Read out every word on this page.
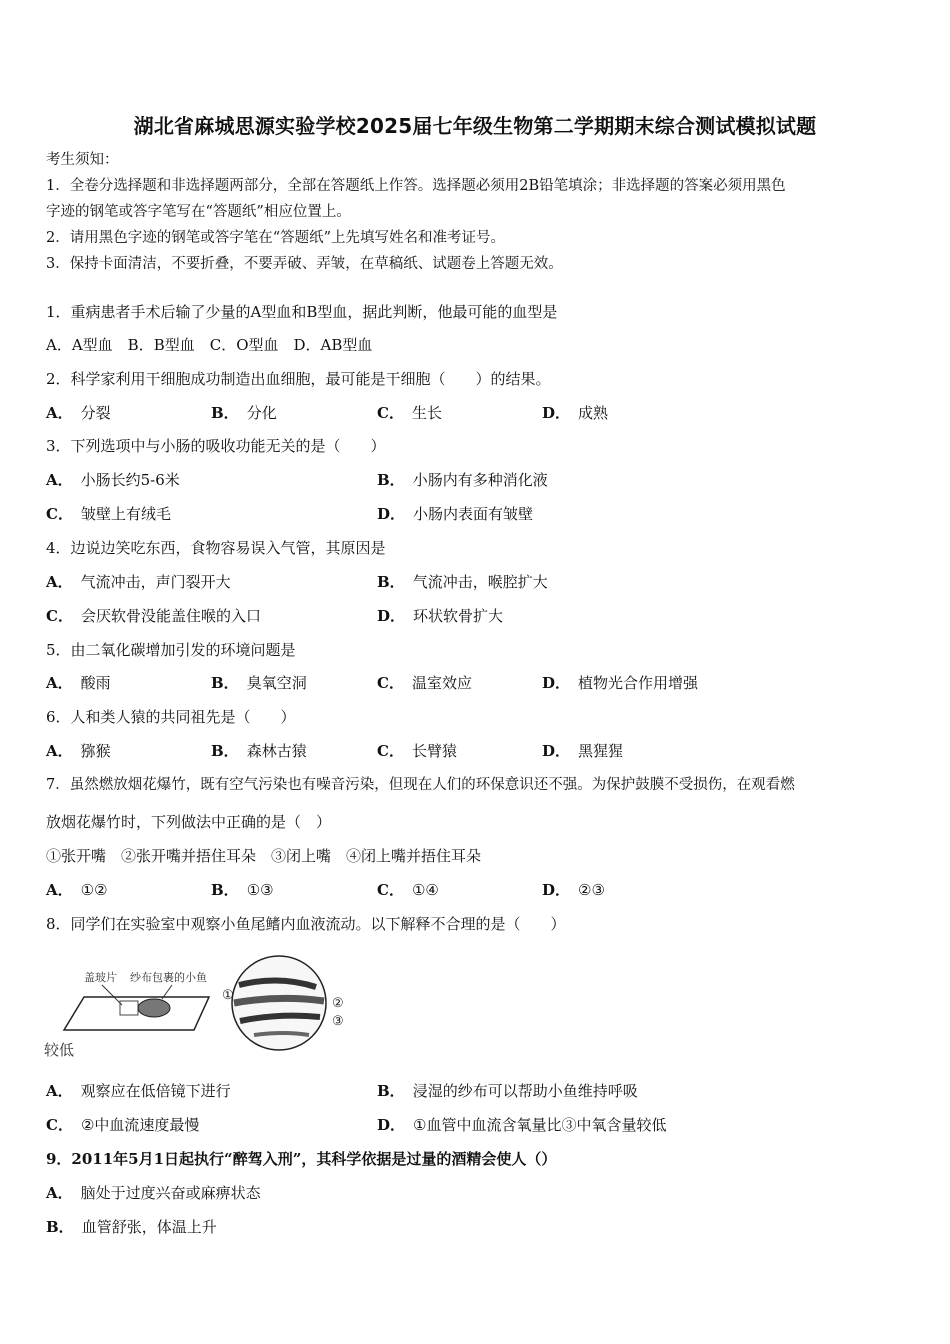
湖北省麻城思源实验学校2025届七年级生物第二学期期末综合测试模拟试题
考生须知：
1．全卷分选择题和非选择题两部分，全部在答题纸上作答。选择题必须用2B铅笔填涂；非选择题的答案必须用黑色
字迹的钢笔或答字笔写在“答题纸”相应位置上。
2．请用黑色字迹的钢笔或答字笔在“答题纸”上先填写姓名和准考证号。
3．保持卡面清洁，不要折叠，不要弄破、弄皱，在草稿纸、试题卷上答题无效。
1．重病患者手术后输了少量的A型血和B型血，据此判断，他最可能的血型是
A．A型血　B．B型血　C．O型血　D．AB型血
2．科学家利用干细胞成功制造出血细胞，最可能是干细胞（　　）的结果。
A． 分裂	B． 分化	C． 生长	D． 成熟
3．下列选项中与小肠的吸收功能无关的是（　　）
A． 小肠长约5-6米	B． 小肠内有多种消化液
C． 皱壁上有绒毛	D． 小肠内表面有皱壁
4．边说边笑吃东西，食物容易误入气管，其原因是
A． 气流冲击，声门裂开大	B． 气流冲击，喉腔扩大
C． 会厌软骨没能盖住喉的入口	D． 环状软骨扩大
5．由二氧化碳增加引发的环境问题是
A． 酸雨	B． 臭氧空洞	C． 温室效应	D． 植物光合作用增强
6．人和类人猿的共同祖先是（　　）
A． 猕猴	B． 森林古猿	C． 长臂猿	D． 黑猩猩
7．虽然燃放烟花爆竹，既有空气污染也有噪音污染，但现在人们的环保意识还不强。为保护鼓膜不受损伤，在观看燃
放烟花爆竹时，下列做法中正确的是（　）
①张开嘴　②张开嘴并捂住耳朵　③闭上嘴　④闭上嘴并捂住耳朵
A． ①②	B． ①③	C． ①④	D． ②③
8．同学们在实验室中观察小鱼尾鳍内血液流动。以下解释不合理的是（　　）
盖玻片 纱布包裹的小鱼
较低
①
②
③
A． 观察应在低倍镜下进行	B． 浸湿的纱布可以帮助小鱼维持呼吸
C． ②中血流速度最慢	D． ①血管中血流含氧量比③中氧含量较低
9．2011年5月1日起执行“醉驾入刑”，其科学依据是过量的酒精会使人（）
A． 脑处于过度兴奋或麻痹状态
B． 血管舒张，体温上升
